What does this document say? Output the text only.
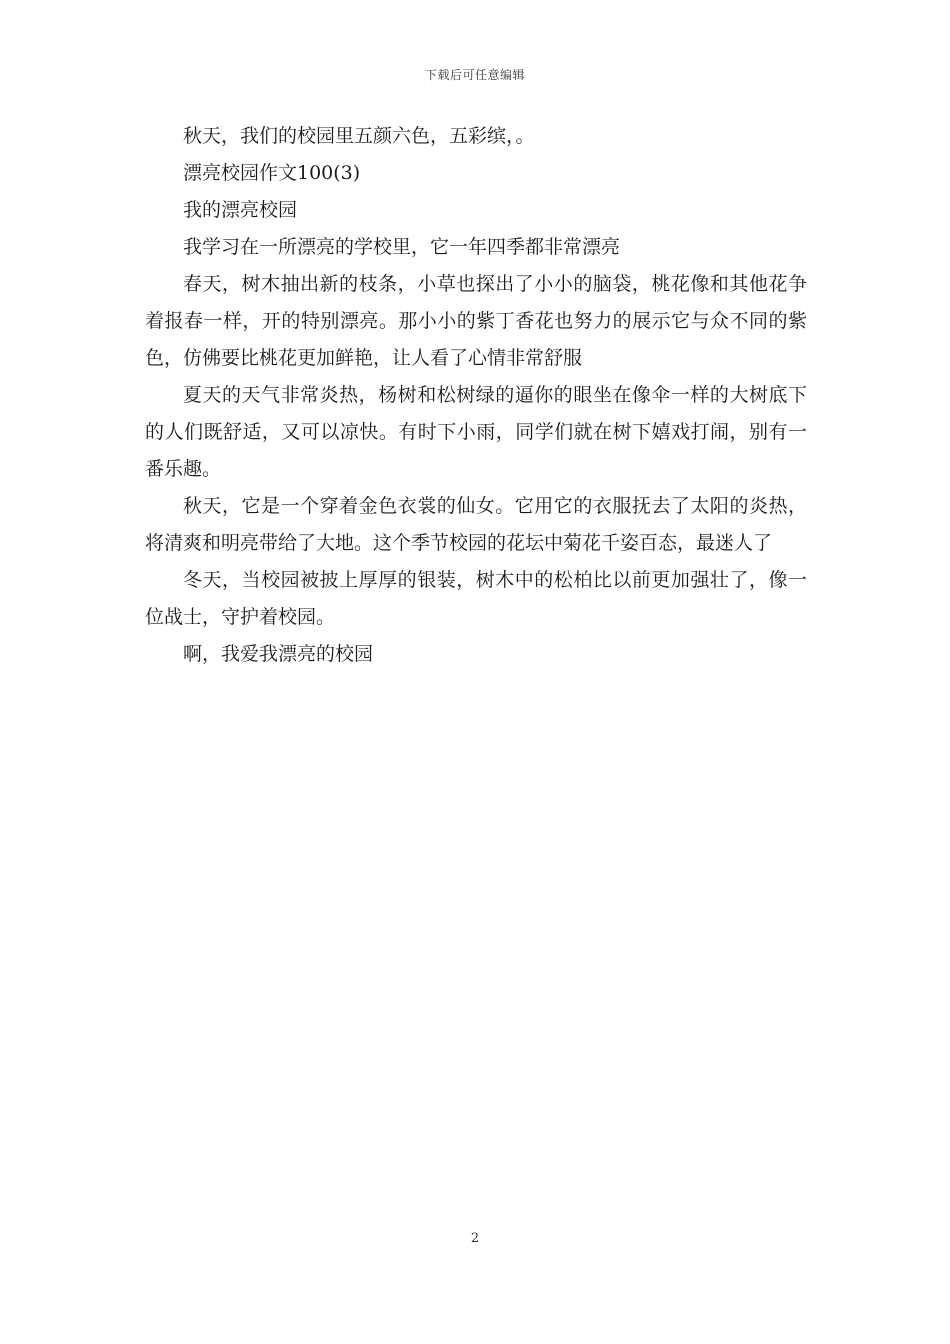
下载后可任意编辑

秋天，我们的校园里五颜六色，五彩缤，。

漂亮校园作文100(3)

我的漂亮校园

我学习在一所漂亮的学校里，它一年四季都非常漂亮

春天，树木抽出新的枝条，小草也探出了小小的脑袋，桃花像和其他花争着报春一样，开的特别漂亮。那小小的紫丁香花也努力的展示它与众不同的紫色，仿佛要比桃花更加鲜艳，让人看了心情非常舒服

夏天的天气非常炎热，杨树和松树绿的逼你的眼坐在像伞一样的大树底下的人们既舒适，又可以凉快。有时下小雨，同学们就在树下嬉戏打闹，别有一番乐趣。

秋天，它是一个穿着金色衣裳的仙女。它用它的衣服抚去了太阳的炎热，将清爽和明亮带给了大地。这个季节校园的花坛中菊花千姿百态，最迷人了

冬天，当校园被披上厚厚的银装，树木中的松柏比以前更加强壮了，像一位战士，守护着校园。

啊，我爱我漂亮的校园

2
